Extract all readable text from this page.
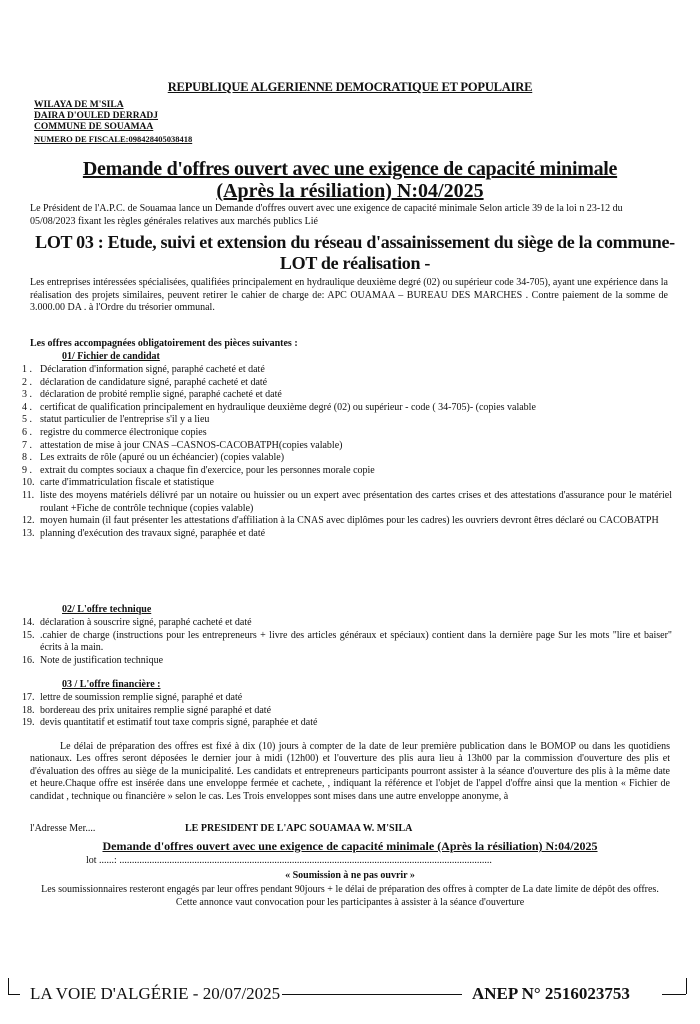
REPUBLIQUE ALGERIENNE DEMOCRATIQUE ET POPULAIRE
WILAYA DE M'SILA
DAIRA D'OULED DERRADJ
COMMUNE DE SOUAMAA
NUMERO DE FISCALE:098428405038418
Demande d'offres ouvert avec une exigence de capacité minimale
(Après la résiliation) N:04/2025
Le Président de l'A.P.C. de Souamaa lance un Demande d'offres ouvert avec une exigence de capacité minimale Selon article 39 de la loi n 23-12 du 05/08/2023 fixant les règles générales relatives aux marchés publics Lié
LOT 03 : Etude, suivi et extension du réseau d'assainissement du siège de la commune- LOT de réalisation -
Les entreprises intéressées spécialisées, qualifiées principalement en hydraulique deuxième degré (02) ou supérieur code 34-705), ayant une expérience dans la réalisation des projets similaires, peuvent retirer le cahier de charge de: APC OUAMAA – BUREAU DES MARCHES . Contre paiement de la somme de 3.000.00 DA . à l'Ordre du trésorier ommunal.
Les offres accompagnées obligatoirement des pièces suivantes :
01/ Fichier de candidat
1 . Déclaration d'information signé, paraphé cacheté et daté
2 . déclaration de candidature signé, paraphé cacheté et daté
3 . déclaration de probité remplie signé, paraphé cacheté et daté
4 . certificat de qualification principalement en hydraulique deuxième degré (02) ou supérieur - code ( 34-705)- (copies valable
5 . statut particulier de l'entreprise s'il y a lieu
6 . registre du commerce électronique copies
7 . attestation de mise à jour CNAS –CASNOS-CACOBATPH(copies valable)
8 . Les extraits de rôle (apuré ou un échéancier) (copies valable)
9 . extrait du comptes sociaux a chaque fin d'exercice, pour les personnes morale copie
10. carte d'immatriculation fiscale et statistique
11. liste des moyens matériels délivré par un notaire ou huissier ou un expert avec présentation des cartes crises et des attestations d'assurance pour le matériel roulant +Fiche de contrôle technique (copies valable)
12. moyen humain (il faut présenter les attestations d'affiliation à la CNAS avec diplômes pour les cadres) les ouvriers devront êtres déclaré ou CACOBATPH
13. planning d'exécution des travaux signé, paraphée et daté
02/ L'offre technique
14. déclaration à souscrire signé, paraphé cacheté et daté
15. .cahier de charge (instructions pour les entrepreneurs + livre des articles généraux et spéciaux) contient dans la dernière page Sur les mots "lire et baiser" écrits à la main.
16. Note de justification technique
03 / L'offre financière :
17. lettre de soumission remplie signé, paraphé et daté
18. bordereau des prix unitaires remplie signé paraphé et daté
19. devis quantitatif et estimatif tout taxe compris signé, paraphée et daté
Le délai de préparation des offres est fixé à dix (10) jours à compter de la date de leur première publication dans le BOMOP ou dans les quotidiens nationaux. Les offres seront déposées le dernier jour à midi (12h00) et l'ouverture des plis aura lieu à 13h00 par la commission d'ouverture des plis et d'évaluation des offres au siège de la municipalité. Les candidats et entrepreneurs participants pourront assister à la séance d'ouverture des plis à la même date et heure.Chaque offre est insérée dans une enveloppe fermée et cachete, , indiquant la référence et l'objet de l'appel d'offre ainsi que la mention « Fichier de candidat , technique ou financière » selon le cas. Les Trois enveloppes sont mises dans une autre enveloppe anonyme, à
l'Adresse Mer....	LE PRESIDENT DE L'APC SOUAMAA W. M'SILA
Demande d'offres ouvert avec une exigence de capacité minimale (Après la résiliation) N:04/2025
lot ......: .....................................................................................................................................................
« Soumission à ne pas ouvrir »
Les soumissionnaires resteront engagés par leur offres pendant 90jours + le délai de préparation des offres à compter de La date limite de dépôt des offres. Cette annonce vaut convocation pour les participantes à assister à la séance d'ouverture
LA VOIE D'ALGÉRIE - 20/07/2025	ANEP N° 2516023753
